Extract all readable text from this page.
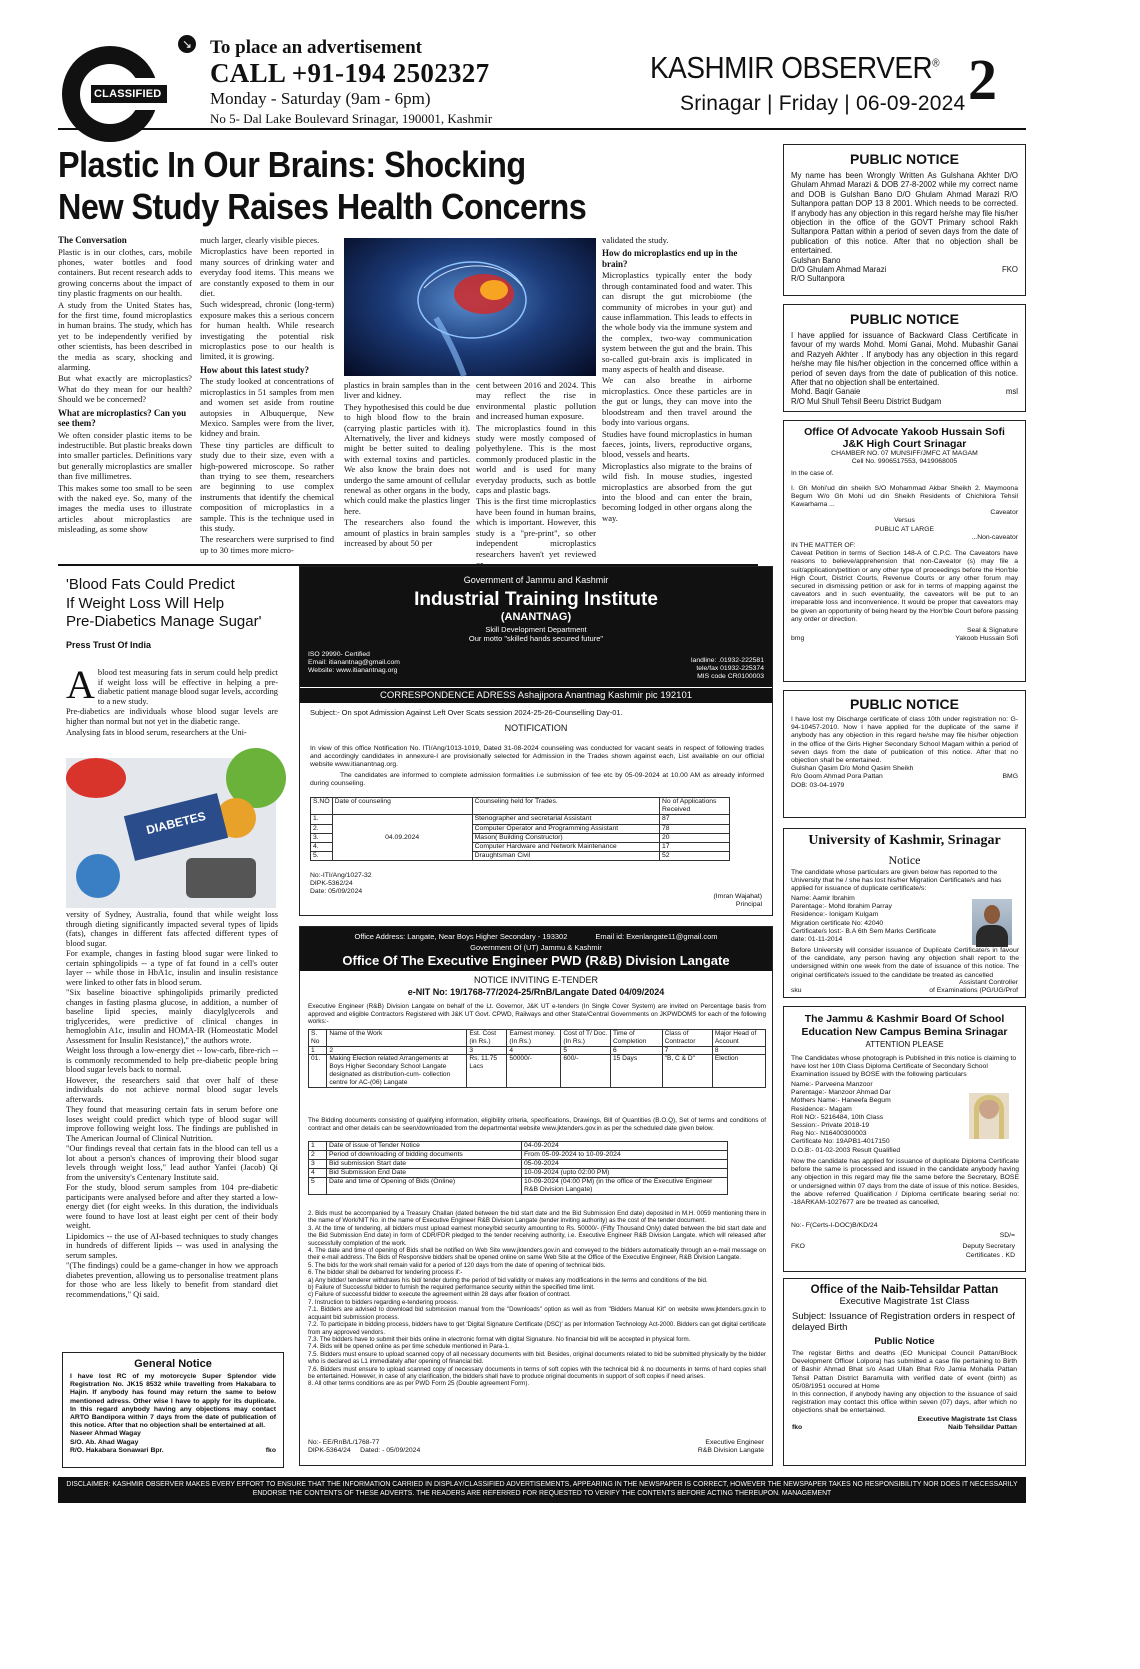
CLASSIFIED
↘ To place an advertisement
CALL +91-194 2502327
Monday - Saturday (9am - 6pm)
No 5- Dal Lake Boulevard Srinagar, 190001, Kashmir
KASHMIR OBSERVER®
Srinagar | Friday | 06-09-2024 2
Plastic In Our Brains: Shocking
New Study Raises Health Concerns
The Conversation

Plastic is in our clothes, cars, mobile phones, water bottles and food containers. But recent research adds to growing concerns about the impact of tiny plastic fragments on our health.

A study from the United States has, for the first time, found microplastics in human brains. The study, which has yet to be independently verified by other scientists, has been described in the media as scary, shocking and alarming.

But what exactly are microplastics? What do they mean for our health? Should we be concerned?

What are microplastics? Can you see them?

We often consider plastic items to be indestructible. But plastic breaks down into smaller particles. Definitions vary but generally microplastics are smaller than five millimetres.

This makes some too small to be seen with the naked eye. So, many of the images the media uses to illustrate articles about microplastics are misleading, as some show

much larger, clearly visible pieces.

Microplastics have been reported in many sources of drinking water and everyday food items. This means we are constantly exposed to them in our diet.

Such widespread, chronic (long-term) exposure makes this a serious concern for human health. While research investigating the potential risk microplastics pose to our health is limited, it is growing.

How about this latest study?

The study looked at concentrations of microplastics in 51 samples from men and women set aside from routine autopsies in Albuquerque, New Mexico. Samples were from the liver, kidney and brain.

These tiny particles are difficult to study due to their size, even with a high-powered microscope. So rather than trying to see them, researchers are beginning to use complex instruments that identify the chemical composition of microplastics in a sample. This is the technique used in this study.

The researchers were surprised to find up to 30 times more micro-

plastics in brain samples than in the liver and kidney.

They hypothesised this could be due to high blood flow to the brain (carrying plastic particles with it). Alternatively, the liver and kidneys might be better suited to dealing with external toxins and particles. We also know the brain does not undergo the same amount of cellular renewal as other organs in the body, which could make the plastics linger here.

The researchers also found the amount of plastics in brain samples increased by about 50 per

cent between 2016 and 2024. This may reflect the rise in environmental plastic pollution and increased human exposure.

The microplastics found in this study were mostly composed of polyethylene. This is the most commonly produced plastic in the world and is used for many everyday products, such as bottle caps and plastic bags.

This is the first time microplastics have been found in human brains, which is important. However, this study is a "pre-print", so other independent microplastics researchers haven't yet reviewed

validated the study.

How do microplastics end up in the brain?

Microplastics typically enter the body through contaminated food and water. This can disrupt the gut microbiome (the community of microbes in your gut) and cause inflammation. This leads to effects in the whole body via the immune system and the complex, two-way communication system between the gut and the brain. This so-called gut-brain axis is implicated in many aspects of health and disease.

We can also breathe in airborne microplastics. Once these particles are in the gut or lungs, they can move into the bloodstream and then travel around the body into various organs.

Studies have found microplastics in human faeces, joints, livers, reproductive organs, blood, vessels and hearts.

Microplastics also migrate to the brains of wild fish. In mouse studies, ingested microplastics are absorbed from the gut into the blood and can enter the brain, becoming lodged in other organs along the way.

PUBLIC NOTICE

My name has been Wrongly Written As Gulshana Akhter D/O Ghulam Ahmad Marazi & DOB 27-8-2002 while my correct name and DOB is Gulshan Bano D/O Ghulam Ahmad Marazi R/O Sultanpora pattan DOP 13 8 2001. Which needs to be corrected. If anybody has any objection in this regard he/she may file his/her objection in the office of the GOVT Primary school Rakh Sultanpora Pattan within a period of seven days from the date of publication of this notice. After that no objection shall be entertained.

Gulshan Bano
D/O Ghulam Ahmad Marazi	FKO
R/O Sultanpora
PUBLIC NOTICE

I have applied for issuance of Backward Class Certificate in favour of my wards Mohd. Momi Ganai, Mohd. Mubashir Ganai and Razyeh Akhter . If anybody has any objection in this regard he/she may file his/her objection in the concerned office within a period of seven days from the date of publication of this notice. After that no objection shall be entertained.

Mohd. Baqir Ganaie	msl
R/O Mul Shull Tehsil Beeru District Budgam
Office Of Advocate Yakoob Hussain Sofi
J&K High Court Srinagar
CHAMBER NO. 07 MUNSIFF/JMFC AT MAGAM
Cell No. 9906517553, 9419068005
In the case of.

I. Gh Mohi'ud din sheikh S/O Mohammad Akbar Sheikh 2. Maymoona Begum W/o Gh Mohi ud din Sheikh Residents of Chichilora Tehsil Kawarhama ...

Caveator
Versus
PUBLIC AT LARGE
...Non-caveator
IN THE MATTER OF:

Caveat Petition in terms of Section 148-A of C.P.C. The Caveators have reasons to believe/apprehension that non-Caveator (s) may file a suit/application/petition or any other type of proceedings before the Hon'ble High Court, District Courts, Revenue Courts or any other forum may secured in dismissing petition or ask for in terms of mapping against the caveators and in such eventuality, the caveators will be put to an irreparable loss and inconvenience. It would be proper that caveators may be given an opportunity of being heard by the Hon'ble Court before passing any order or direction.

Seal & Signature
bmg	Yakoob Hussain Sofi
PUBLIC NOTICE

I have lost my Discharge certificate of class 10th under registration no: G-94-10457-2010. Now I have applied for the duplicate of the same if anybody has any objection in this regard he/she may file his/her objection in the office of the Girls Higher Secondary School Magam within a period of seven days from the date of publication of this notice. After that no objection shall be entertained.

Gulshan Qasim D/o Mohd Qasim Sheikh
R/o Goom Ahmad Pora Pattan	BMG
DOB: 03-04-1979
University of Kashmir, Srinagar
Notice
The candidate whose particulars are given below has reported to the University that he / she has lost his/her Migration Certificate/s and has applied for issuance of duplicate certificate/s:
Name: Aamir Ibrahim
Parentage:- Mohd Ibrahim Parray
Residence:- Ionigam Kulgam
Migration certificate No: 42040
Certificate/s lost:- B.A 6th Sem Marks Certificate
date: 01-11-2014

Before University will consider issuance of Duplicate Certificate/s in favour of the candidate, any person having any objection shall report to the undersigned within one week from the date of issuance of this notice. The original certificate/s issued to the candidate be treated as cancelled

Assistant Controller
sku	of Examinations (PG/UG/Prof
The Jammu & Kashmir Board Of School
Education New Campus Bemina Srinagar
ATTENTION PLEASE
The Candidates whose photograph is Published in this notice is claiming to have lost her 10th Class Diploma Certificate of Secondary School Examination issued by BOSE with the following particulars
Name:- Parveena Manzoor
Parentage:- Manzoor Ahmad Dar
Mothers Name:- Haneefa Begum
Residence:- Magam
Roll NO:- 5216484, 10th Class
Session:- Private 2018-19
Reg No:- N16400300003
Certificate No: 19APB1-4017150
D.O.B:- 01-02-2003 Result Qualified

Now the candidate has applied for issuance of duplicate Diploma Certificate before the same is processed and issued in the candidate anybody having any objection in this regard may file the same before the Secretary, BOSE or undersigned within 07 days from the date of issue of this notice. Besides, the above referred Qualification / Diploma certificate bearing serial no: -18ARKAM-1027677 are be treated as cancelled,

No:- F(Certs-I-DOC)B/KD/24
SD/=
FKO	Deputy Secretary
Certificates . KD
Office of the Naib-Tehsildar Pattan
Executive Magistrate 1st Class
Subject: Issuance of Registration orders in respect of delayed Birth
Public Notice

The registar Births and deaths (EO Municipal Council Pattan/Block Development Officer Lolpora) has submitted a case file pertaining to Birth of Bashir Ahmad Bhat s/o Asad Ullah Bhat R/o Jamia Mohalla Pattan Tehsil Pattan District Baramulla with verified date of event (birth) as 05/08/1951 occured at Home

In this connection, if anybody having any objection to the issuance of said registration may contact this office within seven (07) days, after which no objections shall be entertained.

Executive Magistrate 1st Class
fko	Naib Tehsildar Pattan
'Blood Fats Could Predict
If Weight Loss Will Help
Pre-Diabetics Manage Sugar'
Press Trust Of India
A blood test measuring fats in serum could help predict if weight loss will be effective in helping a pre-diabetic patient manage blood sugar levels, according to a new study.

Pre-diabetics are individuals whose blood sugar levels are higher than normal but not yet in the diabetic range.

Analysing fats in blood serum, researchers at the Uni-

DIABETES

versity of Sydney, Australia, found that while weight loss through dieting significantly impacted several types of lipids (fats), changes in different fats affected different types of blood sugar.

For example, changes in fasting blood sugar were linked to certain sphingolipids -- a type of fat found in a cell's outer layer -- while those in HbA1c, insulin and insulin resistance were linked to other fats in blood serum.

"Six baseline bioactive sphingolipids primarily predicted changes in fasting plasma glucose, in addition, a number of baseline lipid species, mainly diacylglycerols and triglycerides, were predictive of clinical changes in hemoglobin A1c, insulin and HOMA-IR (Homeostatic Model Assessment for Insulin Resistance)," the authors wrote.

Weight loss through a low-energy diet -- low-carb, fibre-rich -- is commonly recommended to help pre-diabetic people bring blood sugar levels back to normal.

However, the researchers said that over half of these individuals do not achieve normal blood sugar levels afterwards.

They found that measuring certain fats in serum before one loses weight could predict which type of blood sugar will improve following weight loss. The findings are published in The American Journal of Clinical Nutrition.

"Our findings reveal that certain fats in the blood can tell us a lot about a person's chances of improving their blood sugar levels through weight loss," lead author Yanfei (Jacob) Qi from the university's Centenary Institute said.

For the study, blood serum samples from 104 pre-diabetic participants were analysed before and after they started a low-energy diet (for eight weeks. In this duration, the individuals were found to have lost at least eight per cent of their body weight.

Lipidomics -- the use of AI-based techniques to study changes in hundreds of different lipids -- was used in analysing the serum samples.

"(The findings) could be a game-changer in how we approach diabetes prevention, allowing us to personalise treatment plans for those who are less likely to benefit from standard diet recommendations," Qi said.

General Notice

I have lost RC of my motorcycle Super Splendor vide Registration No. JK15 8532 while travelling from Hakabara to Hajin. If anybody has found may return the same to below mentioned adress. Other wise I have to apply for its duplicate. In this regard anybody having any objections may contact ARTO Bandipora within 7 days from the date of publication of this notice. After that no objection shall be entertained at all.

Naseer Ahmad Wagay
S/O. Ab. Ahad Wagay
R/O. Hakabara Sonawari Bpr.	fko
Government of Jammu and Kashmir
Industrial Training Institute
(ANANTNAG)
Skill Development Department
Our motto "skilled hands secured future"
ISO 29990- Certified
Email: itianantnag@gmail.com
Website: www.itianantnag.org
landline: .01932-222581
tele/fax 01932-225374
MIS code CR0100003
CORRESPONDENCE ADRESS Ashajipora Anantnag Kashmir pic 192101
Subject:- On spot Admission Against Left Over Scats session 2024-25-26-Counselling Day-01.
NOTIFICATION

In view of this office Notification No. ITI/Ang/1013-1019, Dated 31-08-2024 counseling was conducted for vacant seats in respect of following trades and accordingly candidates in annexure-I are provisionally selected for Admission in the Trades shown against each, List available on our official website www.itianantnag.org.

The candidates are informed to complete admission formalities i.e submission of fee etc by 05-09-2024 at 10.00 AM as already informed during counseling.

S.NO	Date of counseling	Counseling held for Trades.	No of Applications Received
1.	04.09.2024	Stenographer and secretarial Assistant	87
2.		Computer Operator and Programming Assistant	78
3.		Mason( Building Constructor)	20
4.		Computer Hardware and Network Maintenance	17
5.		Draughtsman Civil	52
No:-ITI/Ang/1027-32
DIPK-5362/24
Date: 05/09/2024
(Imran Wajahat)
Principal
Office Address: Langate, Near Boys Higher Secondary - 193302	Email id: Exenlangate11@gmail.com
Government Of (UT) Jammu & Kashmir
Office Of The Executive Engineer PWD (R&B) Division Langate
NOTICE INVITING E-TENDER
e-NIT No: 19/1768-77/2024-25/RnB/Langate Dated 04/09/2024

Executive Engineer (R&B) Division Langate on behalf of the Lt. Governor, J&K UT e-tenders (In Single Cover System) are invited on Percentage basis from approved and eligible Contractors Registered with J&K UT Govt. CPWD, Railways and other State/Central Governments on JKPWDOMS for each of the following works:-

S. No	Name of the Work	Est. Cost (in Rs.)	Earnest money. (In Rs.)	Cost of T/ Doc. (In Rs.)	Time of Completion	Class of Contractor	Major Head of Account
1	2	3	4	5	6	7	8
01.	Making Election related Arrangements at Boys Higher Secondary School Langate designated as distribution-cum- collection centre for AC-(06) Langate	Rs. 11.75 Lacs	50000/-	600/-	15 Days	"B, C & D"	Election

The Bidding documents consisting of qualifying information, eligibility criteria, specifications, Drawings, Bill of Quantities (B.O.Q), Set of terms and conditions of contract and other details can be seen/downloaded from the departmental website www.jktenders.gov.in as per the scheduled date given below.

1	Date of issue of Tender Notice	04-09-2024
2	Period of downloading of bidding documents	From 05-09-2024 to 10-09-2024
3	Bid submission Start date	05-09-2024
4	Bid Submission End Date	10-09-2024 (upto 02:00 PM)
5	Date and time of Opening of Bids (Online)	10-09-2024 (04:00 PM) (in the office of the Executive Engineer R&B Division Langate)

2. Bids must be accompanied by a Treasury Challan (dated between the bid start date and the Bid Submission End date) deposited in M.H. 0059 mentioning there in the name of Work/NIT No. in the name of Executive Engineer R&B Division Langate (tender inviting authority) as the cost of the tender document.

3. At the time of tendering, all bidders must upload earnest money/bid security amounting to Rs. 50000/- (Fifty Thousand Only) dated between the bid start date and the Bid Submission End date) in form of CDR/FDR pledged to the tender receiving authority, i.e. Executive Engineer R&B Division Langate. which will released after successfully completion of the work.

4. The date and time of opening of Bids shall be notified on Web Site www.jktenders.gov.in and conveyed to the bidders automatically through an e-mail message on their e-mail address. The Bids of Responsive bidders shall be opened online on same Web Site at the Office of the Executive Engineer, R&B Division Langate.

5. The bids for the work shall remain valid for a period of 120 days from the date of opening of technical bids.

6. The bidder shall be debarred for tendering process if:-

a) Any bidder/ tenderer withdraws his bid/ tender during the period of bid validity or makes any modifications in the terms and conditions of the bid.

b) Failure of Successful bidder to furnish the required performance security within the specified time limit.

c) Failure of successful bidder to execute the agreement within 28 days after fixation of contract.

7. Instruction to bidders regarding e-tendering process.

7.1. Bidders are advised to download bid submission manual from the "Downloads" option as well as from "Bidders Manual Kit" on website www.jktenders.gov.in to acquaint bid submission process.

7.2. To participate in bidding process, bidders have to get 'Digital Signature Certificate (DSC)' as per Information Technology Act-2000. Bidders can get digital certificate from any approved vendors.

7.3. The bidders have to submit their bids online in electronic format with digital Signature. No financial bid will be accepted in physical form.

7.4. Bids will be opened online as per time schedule mentioned in Para-1.

7.5. Bidders must ensure to upload scanned copy of all necessary documents with bid. Besides, original documents related to bid be submitted physically by the bidder who is declared as L1 immediately after opening of financial bid.

7.6. Bidders must ensure to upload scanned copy of necessary documents in terms of soft copies with the technical bid & no documents in terms of hard copies shall be entertained. However, in case of any clarification, the bidders shall have to produce original documents in support of soft copies if need arises.

8. All other terms conditions are as per PWD Form 25 (Double agreement Form).

No:- EE/RnB/L/1768-77
DIPK-5364/24 Dated: - 05/09/2024
Executive Engineer
R&B Division Langate
DISCLAIMER: KASHMIR OBSERVER MAKES EVERY EFFORT TO ENSURE THAT THE INFORMATION CARRIED IN DISPLAY/CLASSIFIED ADVERTISEMENTS, APPEARING IN THE NEWSPAPER IS CORRECT, HOWEVER THE NEWSPAPER TAKES NO RESPONSIBILITY NOR DOES IT NECESSARILY ENDORSE THE CONTENTS OF THESE ADVERTS. THE READERS ARE REFERRED FOR REQUESTED TO VERIFY THE CONTENTS BEFORE ACTING THEREUPON. MANAGEMENT
